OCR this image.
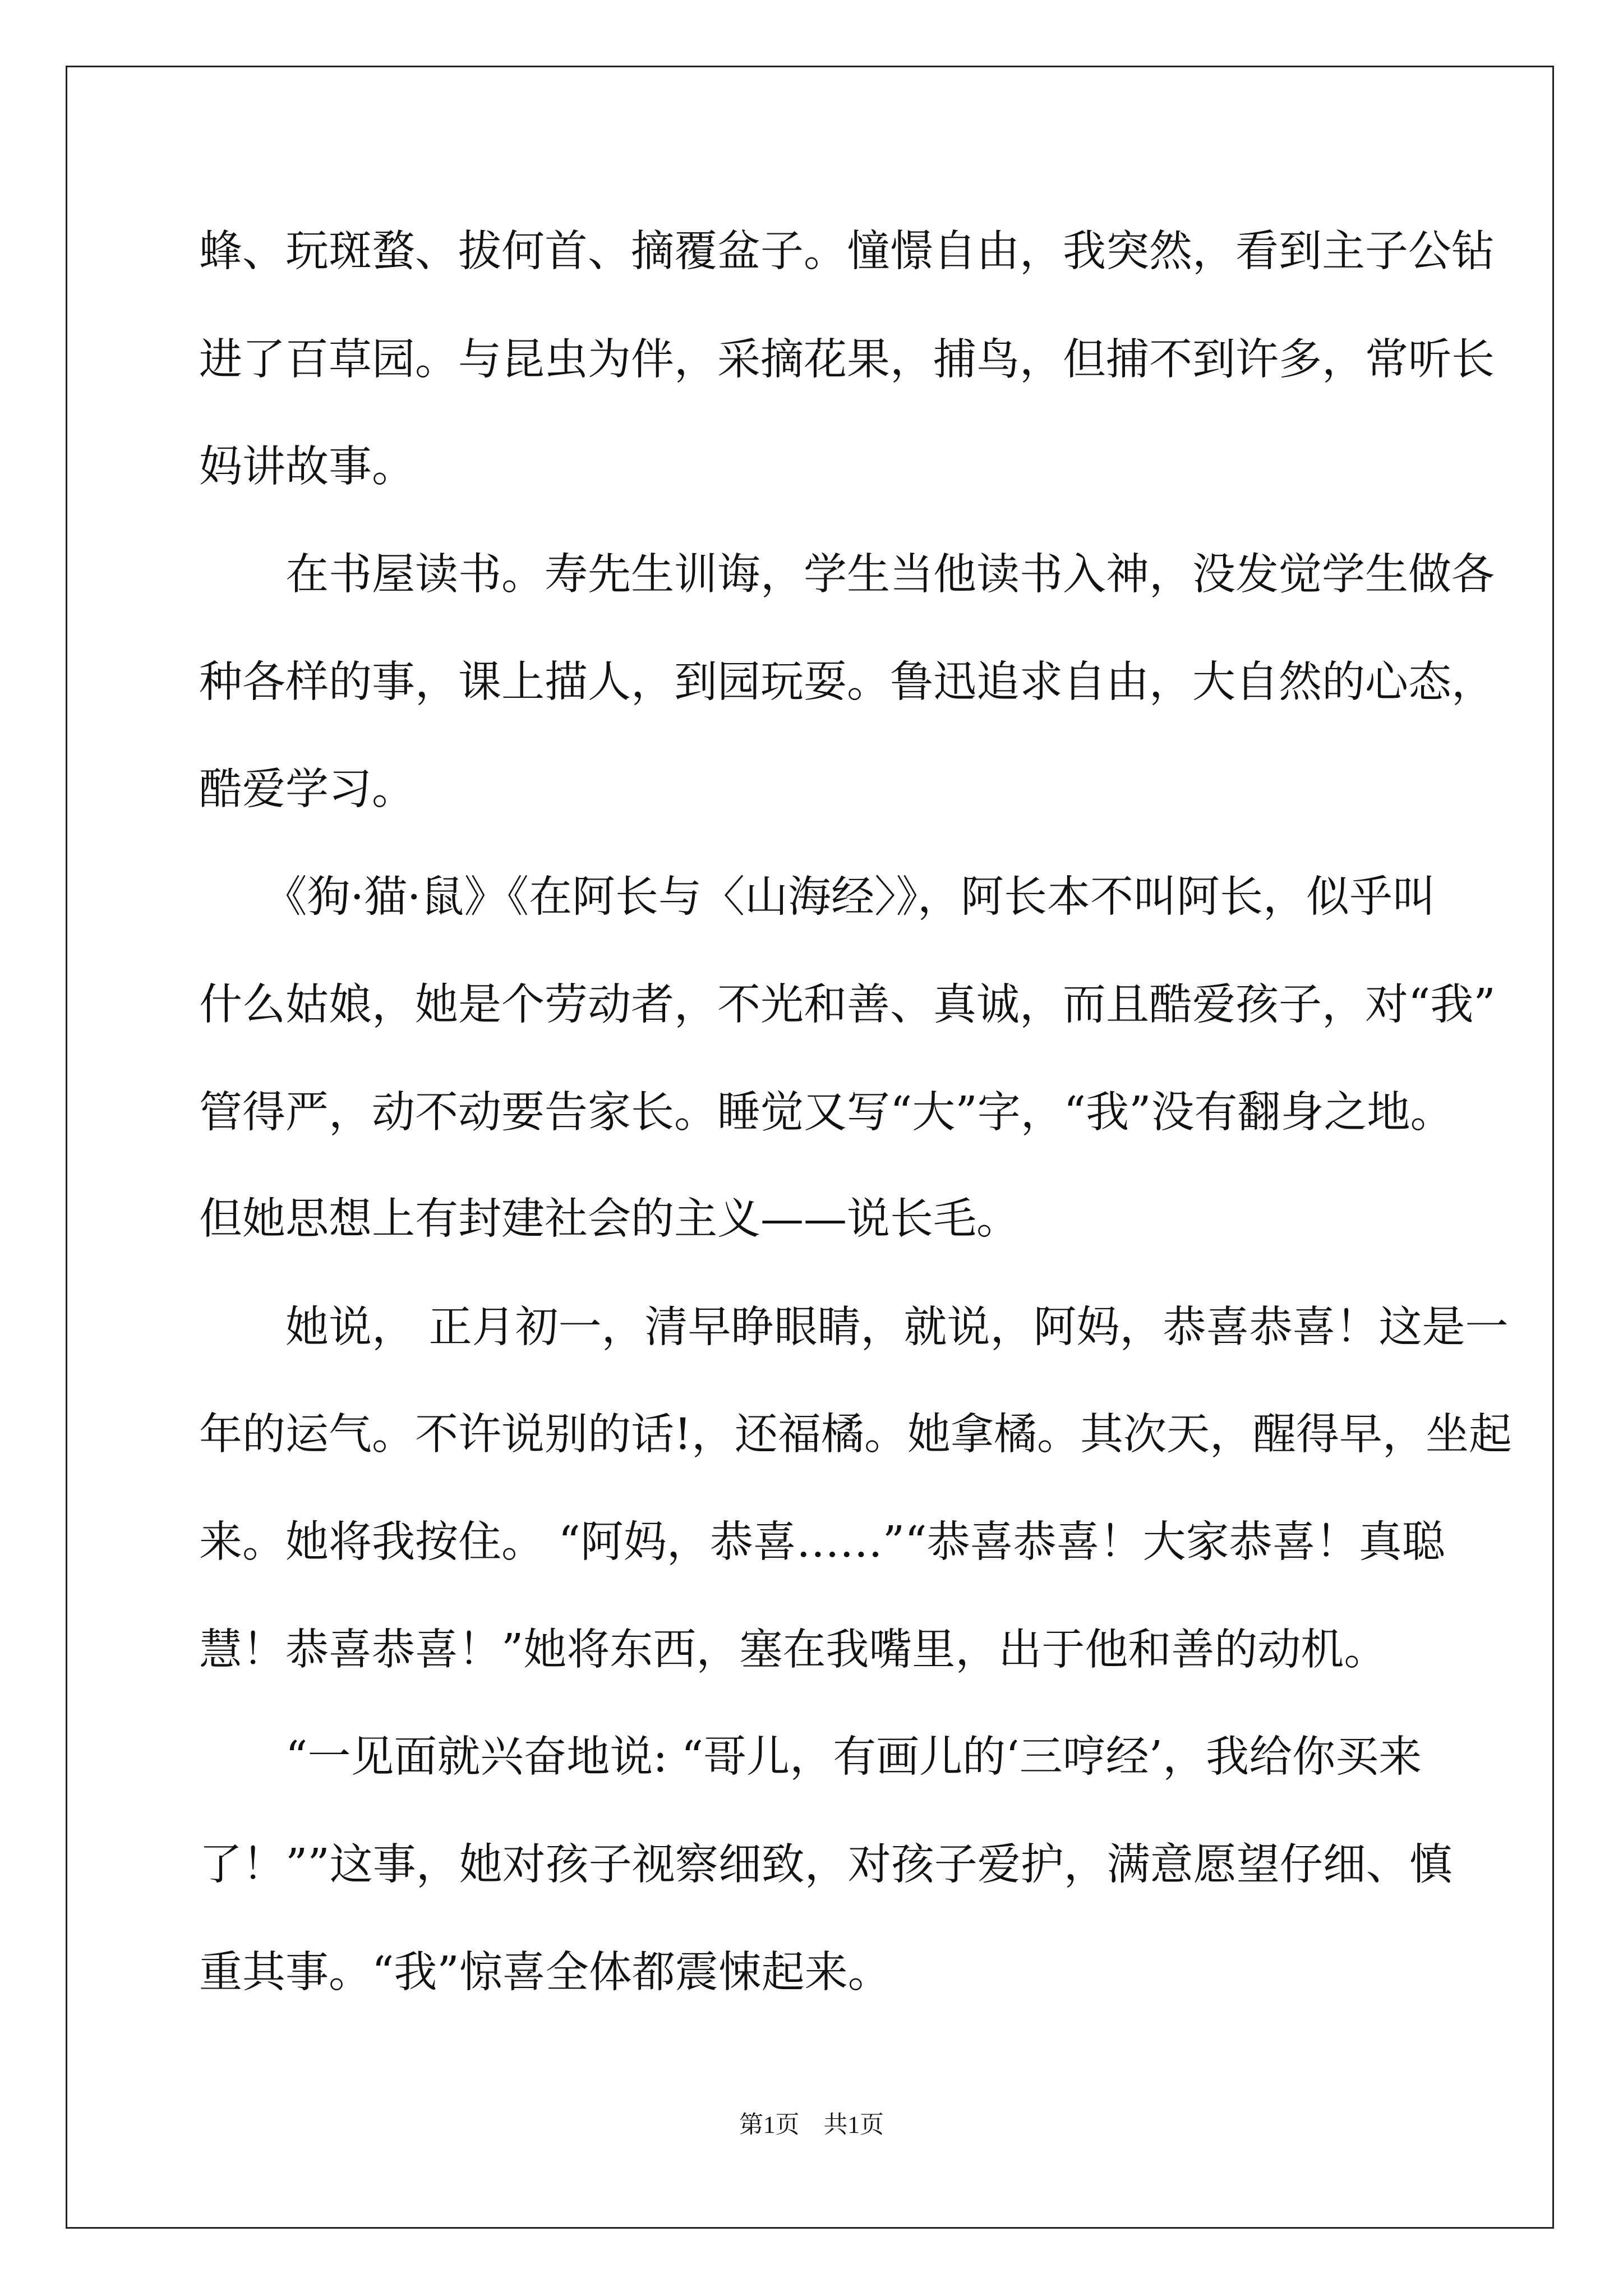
蜂、玩斑蝥、拔何首、摘覆盆子。憧憬自由，我突然，看到主子公钻

进了百草园。与昆虫为伴，采摘花果，捕鸟，但捕不到许多，常听长

妈讲故事。

　　在书屋读书。寿先生训诲，学生当他读书入神，没发觉学生做各

种各样的事，课上描人，到园玩耍。鲁迅追求自由，大自然的心态，

酷爱学习。

　　《狗·猫·鼠》《在阿长与〈山海经〉》，阿长本不叫阿长，似乎叫

什么姑娘，她是个劳动者，不光和善、真诚，而且酷爱孩子，对“我”

管得严，动不动要告家长。睡觉又写“大”字，“我”没有翻身之地。

但她思想上有封建社会的主义——说长毛。

　　她说， 正月初一，清早睁眼睛，就说，阿妈，恭喜恭喜！这是一

年的运气。不许说别的话!，还福橘。她拿橘。其次天，醒得早，坐起

来。她将我按住。 “阿妈，恭喜……”“恭喜恭喜！大家恭喜！真聪

慧！恭喜恭喜！”她将东西，塞在我嘴里，出于他和善的动机。

　　“一见面就兴奋地说: “哥儿，有画儿的‘三哼经’，我给你买来

了！””这事，她对孩子视察细致，对孩子爱护，满意愿望仔细、慎

重其事。“我”惊喜全体都震悚起来。

第1页 共1页
